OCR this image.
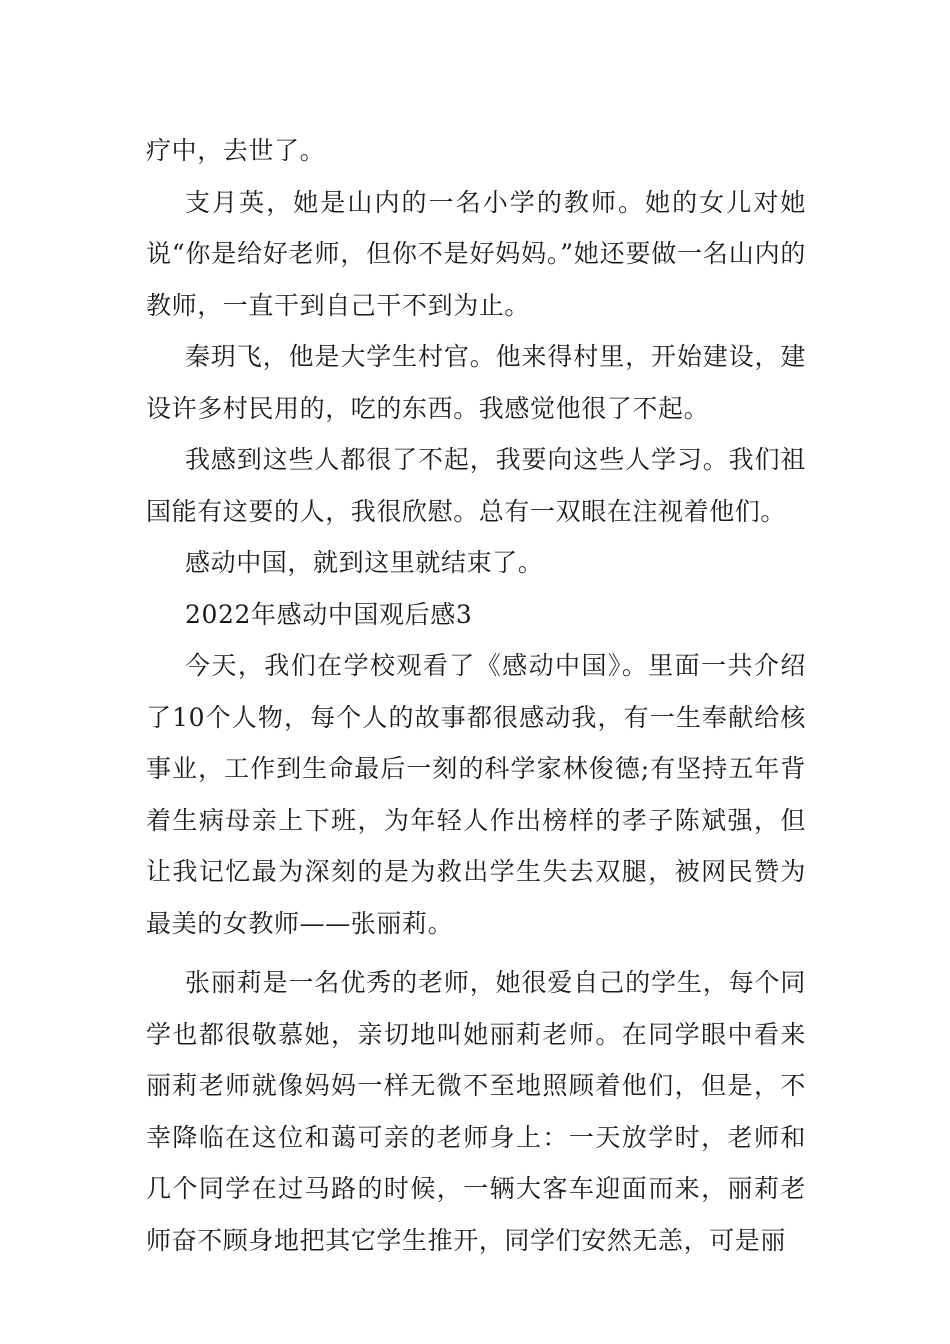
疗中，去世了。

支月英，她是山内的一名小学的教师。她的女儿对她说“你是给好老师，但你不是好妈妈。”她还要做一名山内的教师，一直干到自己干不到为止。

秦玥飞，他是大学生村官。他来得村里，开始建设，建设许多村民用的，吃的东西。我感觉他很了不起。

我感到这些人都很了不起，我要向这些人学习。我们祖国能有这要的人，我很欣慰。总有一双眼在注视着他们。

感动中国，就到这里就结束了。

2022年感动中国观后感3

今天，我们在学校观看了《感动中国》。里面一共介绍了10个人物，每个人的故事都很感动我，有一生奉献给核事业，工作到生命最后一刻的科学家林俊德;有坚持五年背着生病母亲上下班，为年轻人作出榜样的孝子陈斌强，但让我记忆最为深刻的是为救出学生失去双腿，被网民赞为最美的女教师——张丽莉。

张丽莉是一名优秀的老师，她很爱自己的学生，每个同学也都很敬慕她，亲切地叫她丽莉老师。在同学眼中看来丽莉老师就像妈妈一样无微不至地照顾着他们，但是，不幸降临在这位和蔼可亲的老师身上：一天放学时，老师和几个同学在过马路的时候，一辆大客车迎面而来，丽莉老师奋不顾身地把其它学生推开，同学们安然无恙，可是丽
